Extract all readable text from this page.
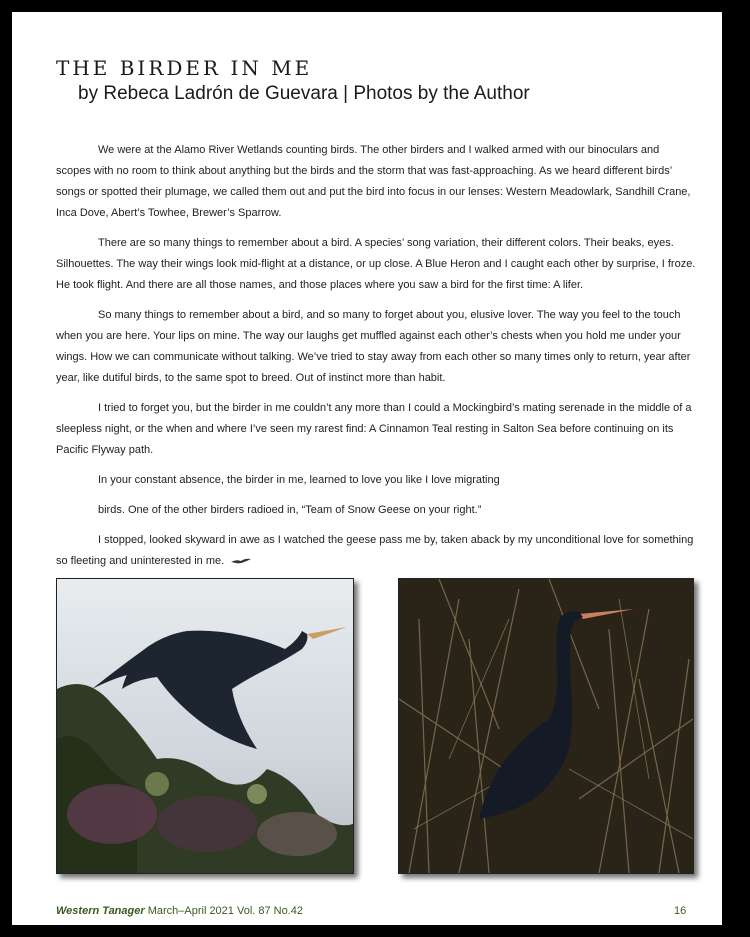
THE BIRDER IN ME
by Rebeca Ladrón de Guevara | Photos by the Author

We were at the Alamo River Wetlands counting birds. The other birders and I walked armed with our binoculars and scopes with no room to think about anything but the birds and the storm that was fast-approaching. As we heard different birds’ songs or spotted their plumage, we called them out and put the bird into focus in our lenses: Western Meadowlark, Sandhill Crane, Inca Dove, Abert’s Towhee, Brewer’s Sparrow.

There are so many things to remember about a bird. A species’ song variation, their different colors. Their beaks, eyes. Silhouettes. The way their wings look mid-flight at a distance, or up close. A Blue Heron and I caught each other by surprise, I froze. He took flight. And there are all those names, and those places where you saw a bird for the first time: A lifer.

So many things to remember about a bird, and so many to forget about you, elusive lover. The way you feel to the touch when you are here. Your lips on mine. The way our laughs get muffled against each other’s chests when you hold me under your wings. How we can communicate without talking. We’ve tried to stay away from each other so many times only to return, year after year, like dutiful birds, to the same spot to breed. Out of instinct more than habit.

I tried to forget you, but the birder in me couldn’t any more than I could a Mockingbird’s mating serenade in the middle of a sleepless night, or the when and where I’ve seen my rarest find: A Cinnamon Teal resting in Salton Sea before continuing on its Pacific Flyway path.

In your constant absence, the birder in me, learned to love you like I love migrating

birds. One of the other birders radioed in, “Team of Snow Geese on your right.”

I stopped, looked skyward in awe as I watched the geese pass me by, taken aback by my unconditional love for something so fleeting and uninterested in me.

Western Tanager March–April 2021 Vol. 87 No.42	16
